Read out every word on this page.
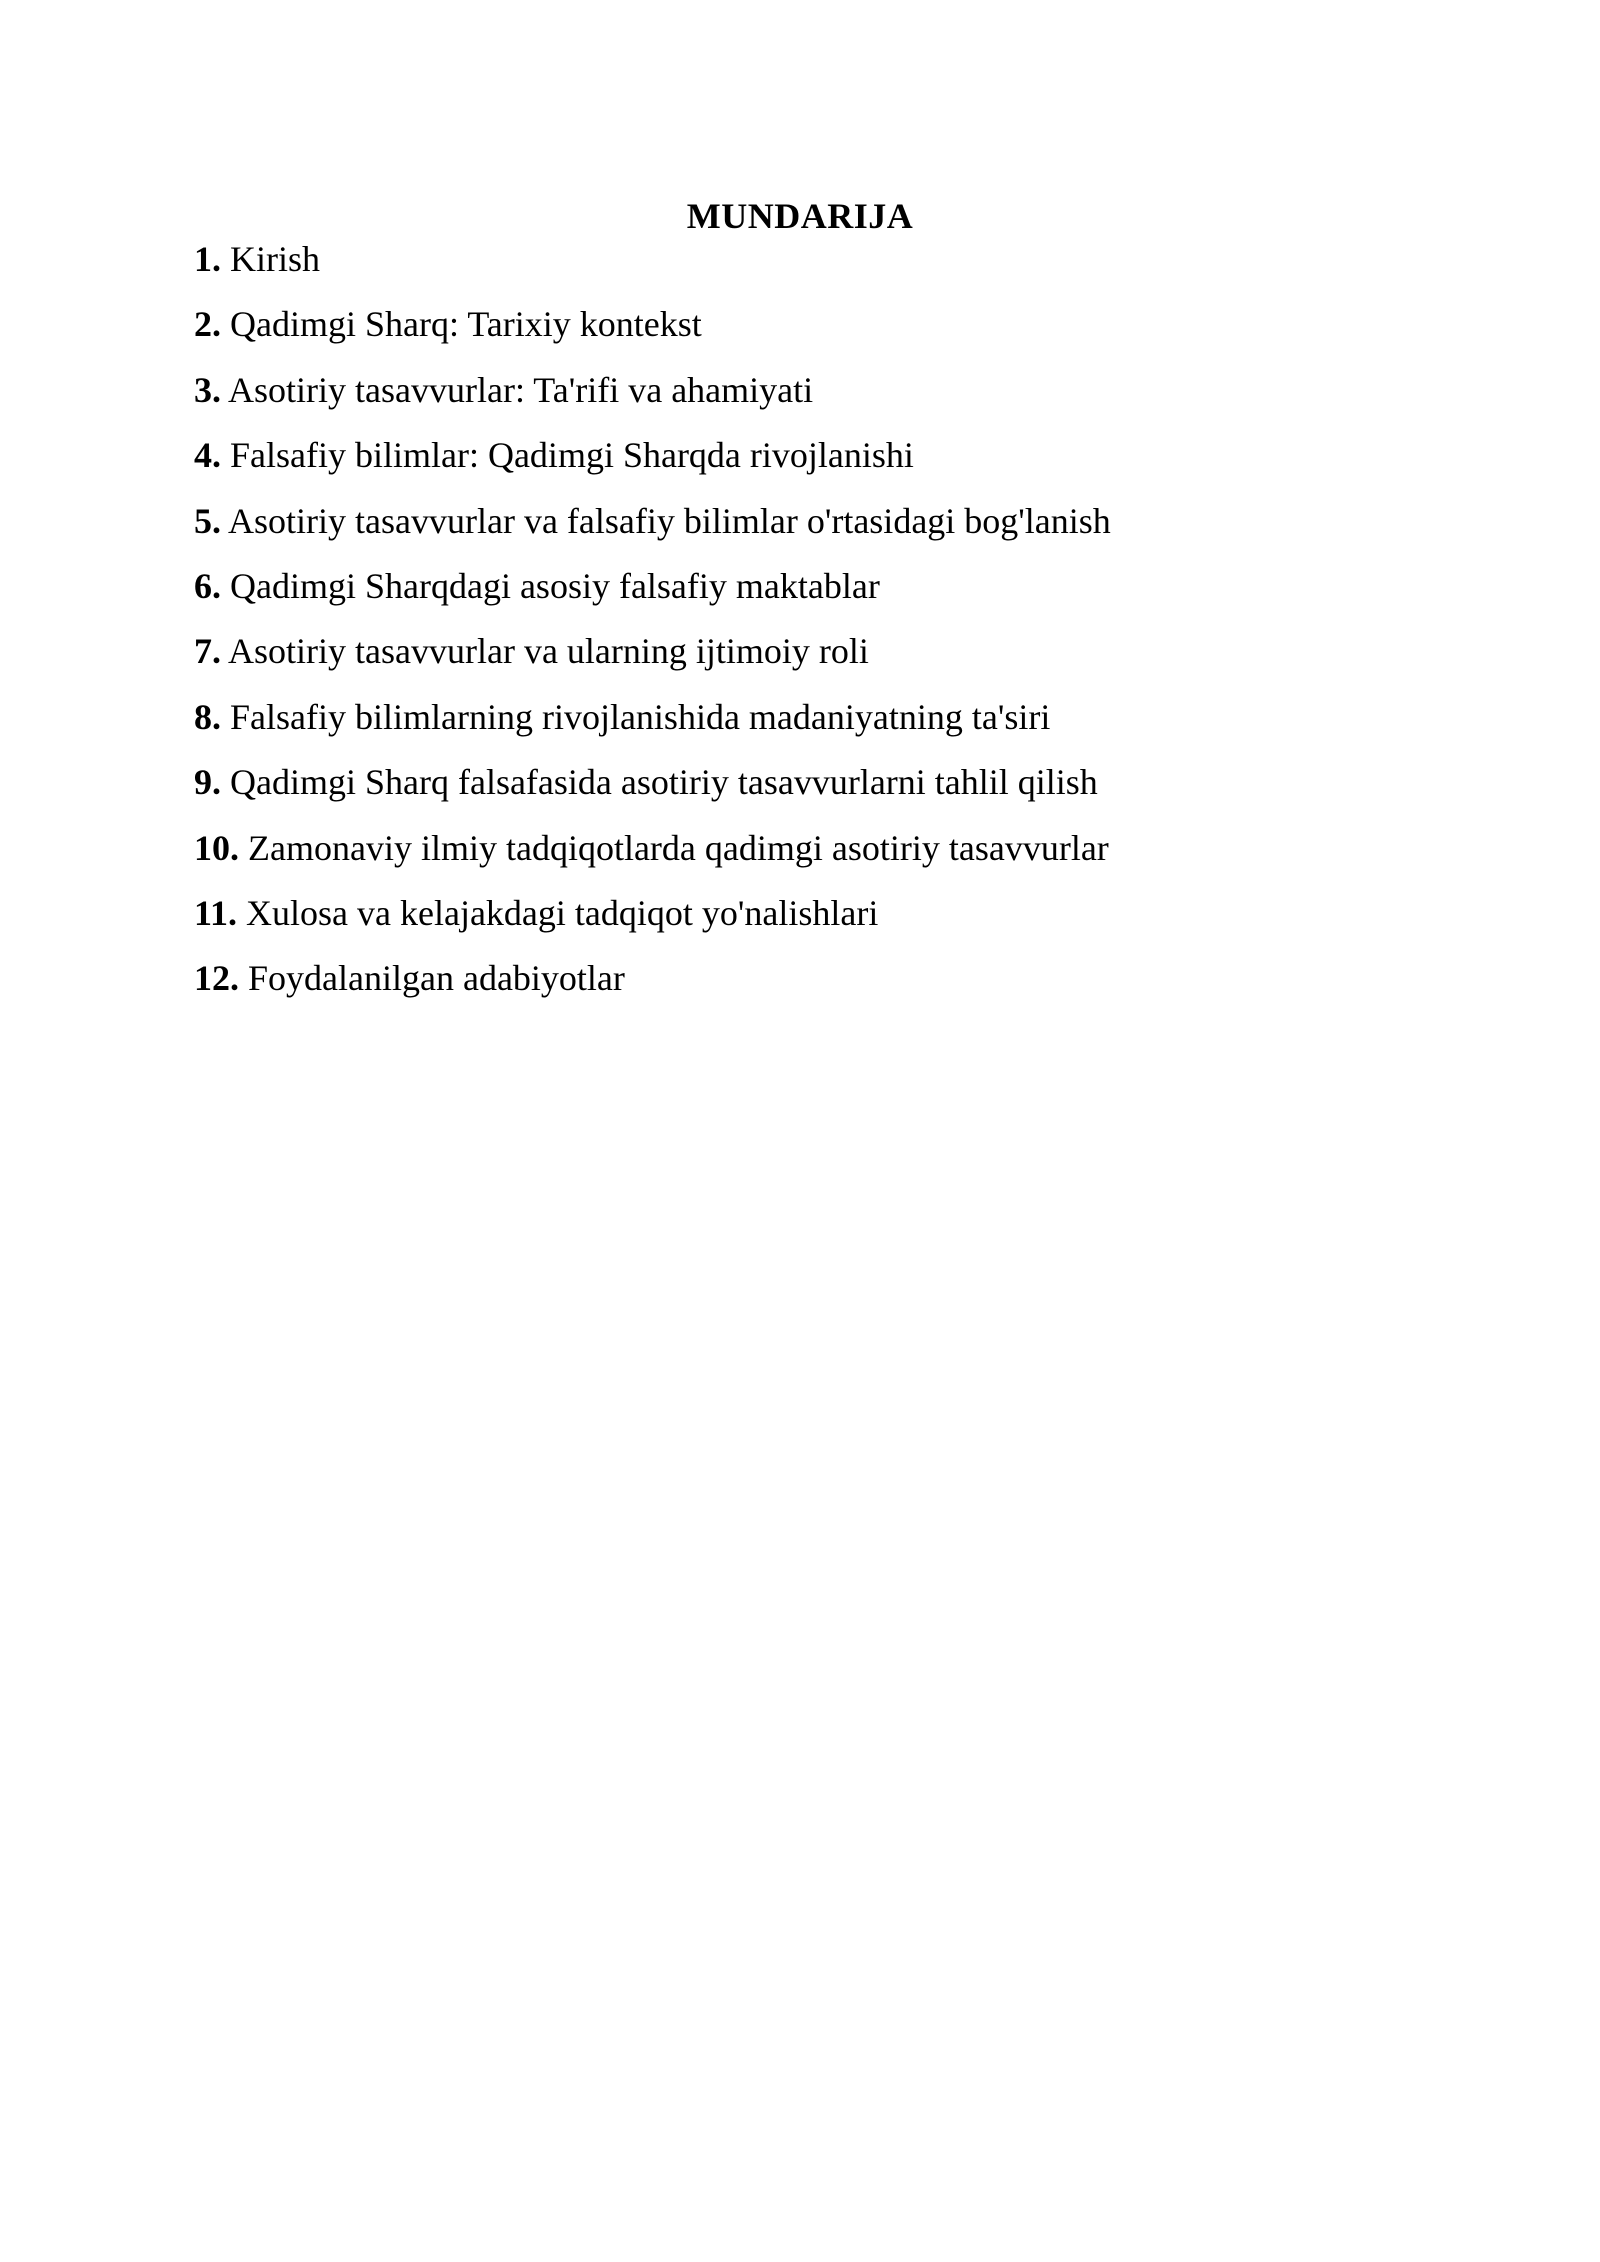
MUNDARIJA
1. Kirish
2. Qadimgi Sharq: Tarixiy kontekst
3. Asotiriy tasavvurlar: Ta'rifi va ahamiyati
4. Falsafiy bilimlar: Qadimgi Sharqda rivojlanishi
5. Asotiriy tasavvurlar va falsafiy bilimlar o'rtasidagi bog'lanish
6. Qadimgi Sharqdagi asosiy falsafiy maktablar
7. Asotiriy tasavvurlar va ularning ijtimoiy roli
8. Falsafiy bilimlarning rivojlanishida madaniyatning ta'siri
9. Qadimgi Sharq falsafasida asotiriy tasavvurlarni tahlil qilish
10. Zamonaviy ilmiy tadqiqotlarda qadimgi asotiriy tasavvurlar
11. Xulosa va kelajakdagi tadqiqot yo'nalishlari
12. Foydalanilgan adabiyotlar
